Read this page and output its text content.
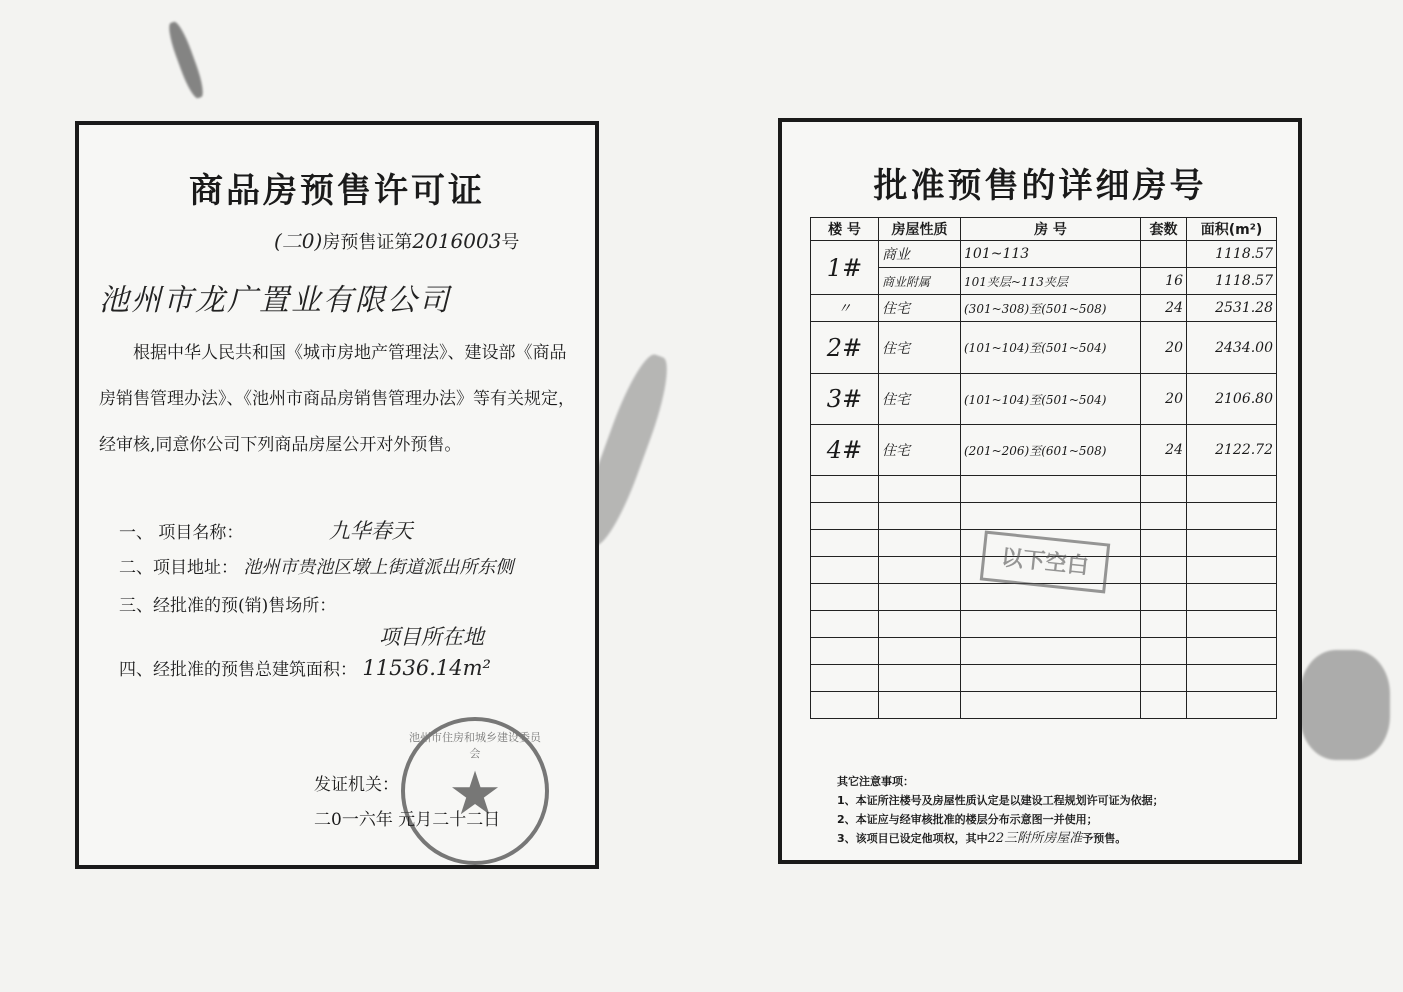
商品房预售许可证
(二0)房预售证第2016003号
池州市龙广置业有限公司
根据中华人民共和国《城市房地产管理法》、建设部《商品房销售管理办法》、《池州市商品房销售管理办法》等有关规定，经审核,同意你公司下列商品房屋公开对外预售。
一、 项目名称：	九华春天
二、项目地址： 池州市贵池区墩上街道派出所东侧
三、经批准的预(销)售场所：
项目所在地
四、经批准的预售总建筑面积： 11536.14m²
发证机关：
二0一六年 元月二十二日
池州市住房和城乡建设委员会
★
批准预售的详细房号
楼 号	房屋性质	房 号	套数	面积(m²)
1#	商业	101~113		1118.57
	商业附属	101夹层~113夹层	16	1118.57
〃	住宅	(301~308)至(501~508)	24	2531.28
2#	住宅	(101~104)至(501~504)	20	2434.00
3#	住宅	(101~104)至(501~504)	20	2106.80
4#	住宅	(201~206)至(601~508)	24	2122.72

以下空白
其它注意事项：
1、本证所注楼号及房屋性质认定是以建设工程规划许可证为依据；
2、本证应与经审核批准的楼层分布示意图一并使用；
3、该项目已设定他项权，其中22三附所房屋准予预售。
